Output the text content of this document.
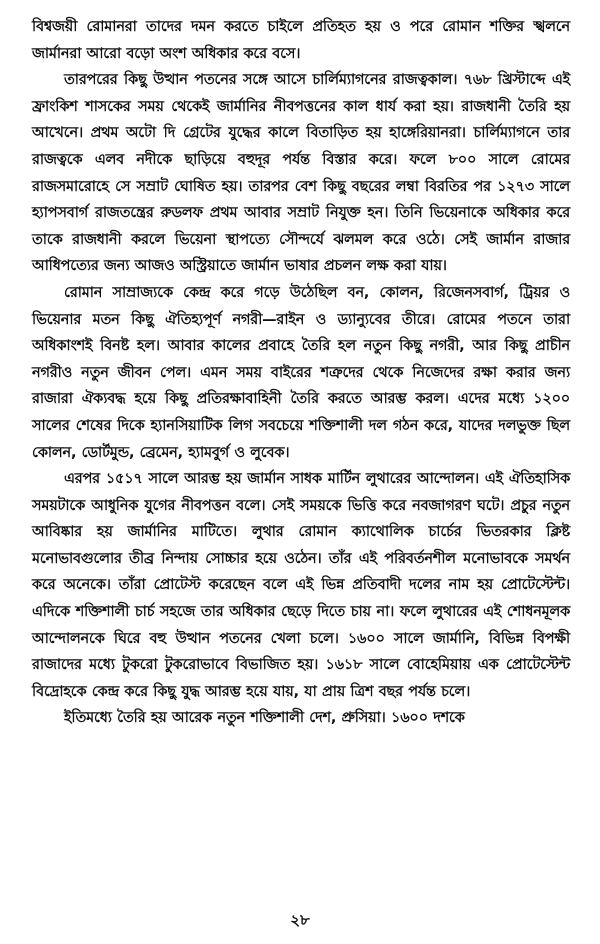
বিশ্বজয়ী রোমানরা তাদের দমন করতে চাইলে প্রতিহত হয় ও পরে রোমান শক্তির স্খলনে জার্মানরা আরো বড়ো অংশ অধিকার করে বসে।

তারপরের কিছু উত্থান পতনের সঙ্গে আসে চার্লিম্যাগনের রাজত্বকাল। ৭৬৮ খ্রিস্টাব্দে এই ফ্রাংকিশ শাসকের সময় থেকেই জার্মানির নীবপত্তনের কাল ধার্য করা হয়। রাজধানী তৈরি হয় আখেনে। প্রথম অটো দি গ্রেটের যুদ্ধের কালে বিতাড়িত হয় হাঙ্গেরিয়ানরা। চার্লিম্যাগনে তার রাজত্বকে এলব নদীকে ছাড়িয়ে বহুদূর পর্যন্ত বিস্তার করে। ফলে ৮০০ সালে রোমের রাজসমারোহে সে সম্রাট ঘোষিত হয়। তারপর বেশ কিছু বছরের লম্বা বিরতির পর ১২৭৩ সালে হ্যাপসবার্গ রাজতন্ত্রের রুডলফ প্রথম আবার সম্রাট নিযুক্ত হন। তিনি ভিয়েনাকে অধিকার করে তাকে রাজধানী করলে ভিয়েনা স্থাপত্যে সৌন্দর্যে ঝলমল করে ওঠে। সেই জার্মান রাজার আধিপত্যের জন্য আজও অস্ট্রিয়াতে জার্মান ভাষার প্রচলন লক্ষ করা যায়।

রোমান সাম্রাজ্যকে কেন্দ্র করে গড়ে উঠেছিল বন, কোলন, রিজেনসবার্গ, ট্রিয়র ও ভিয়েনার মতন কিছু ঐতিহ্যপূর্ণ নগরী—রাইন ও ড্যান্যুবের তীরে। রোমের পতনে তারা অধিকাংশই বিনষ্ট হল। আবার কালের প্রবাহে তৈরি হল নতুন কিছু নগরী, আর কিছু প্রাচীন নগরীও নতুন জীবন পেল। এমন সময় বাইরের শত্রুদের থেকে নিজেদের রক্ষা করার জন্য রাজারা ঐক্যবদ্ধ হয়ে কিছু প্রতিরক্ষাবাহিনী তৈরি করতে আরম্ভ করল। এদের মধ্যে ১২০০ সালের শেষের দিকে হ্যানসিয়াটিক লিগ সবচেয়ে শক্তিশালী দল গঠন করে, যাদের দলভুক্ত ছিল কোলন, ডোর্টমুন্ড, ব্রেমেন, হ্যামবুর্গ ও লুবেক।

এরপর ১৫১৭ সালে আরম্ভ হয় জার্মান সাধক মার্টিন লুথারের আন্দোলন। এই ঐতিহাসিক সময়টাকে আধুনিক যুগের নীবপত্তন বলে। সেই সময়কে ভিত্তি করে নবজাগরণ ঘটে। প্রচুর নতুন আবিষ্কার হয় জার্মানির মাটিতে। লুথার রোমান ক্যাথোলিক চার্চের ভিতরকার ক্লিষ্ট মনোভাবগুলোর তীব্র নিন্দায় সোচ্চার হয়ে ওঠেন। তাঁর এই পরিবর্তনশীল মনোভাবকে সমর্থন করে অনেকে। তাঁরা প্রোটেস্ট করেছেন বলে এই ভিন্ন প্রতিবাদী দলের নাম হয় প্রোটেস্টেন্ট। এদিকে শক্তিশালী চার্চ সহজে তার অধিকার ছেড়ে দিতে চায় না। ফলে লুথারের এই শোধনমূলক আন্দোলনকে ঘিরে বহু উত্থান পতনের খেলা চলে। ১৬০০ সালে জার্মানি, বিভিন্ন বিপক্ষী রাজাদের মধ্যে টুকরো টুকরোভাবে বিভাজিত হয়। ১৬১৮ সালে বোহেমিয়ায় এক প্রোটেস্টেন্ট বিদ্রোহকে কেন্দ্র করে কিছু যুদ্ধ আরম্ভ হয়ে যায়, যা প্রায় ত্রিশ বছর পর্যন্ত চলে।

ইতিমধ্যে তৈরি হয় আরেক নতুন শক্তিশালী দেশ, প্রুসিয়া। ১৬০০ দশকে

২৮
